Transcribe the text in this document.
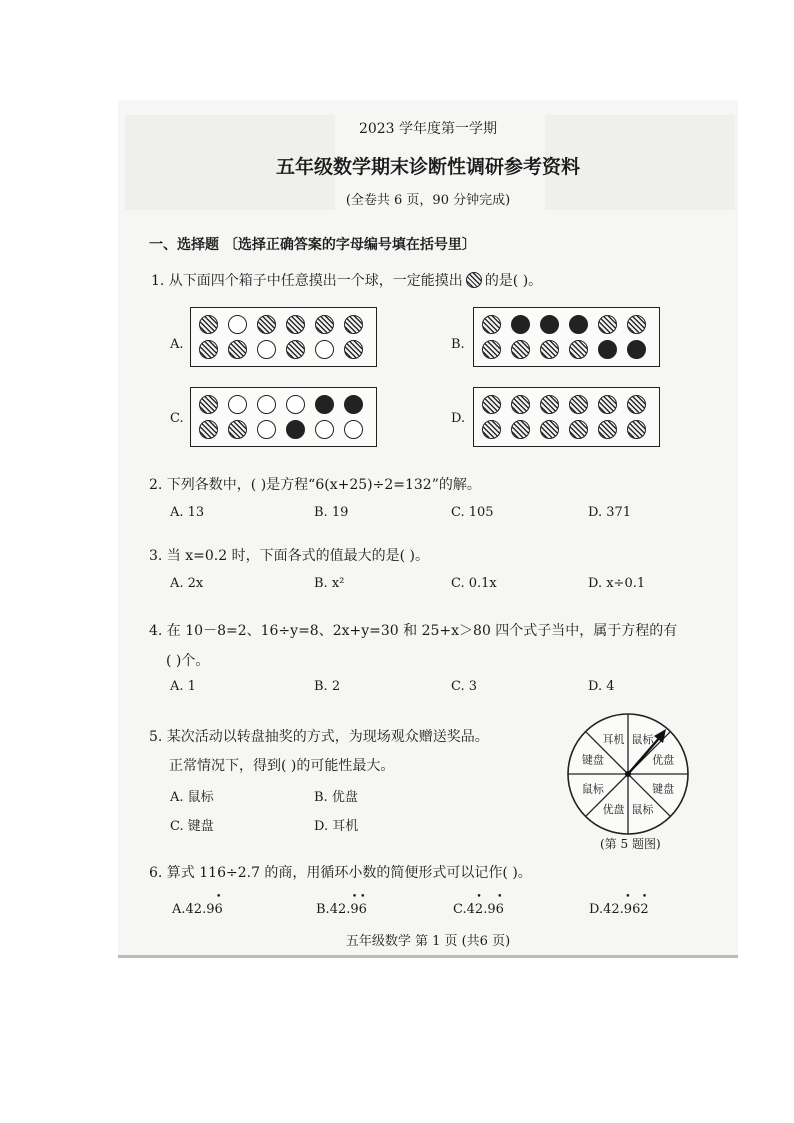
2023 学年度第一学期
五年级数学期末诊断性调研参考资料
(全卷共 6 页，90 分钟完成)
一、选择题 〔选择正确答案的字母编号填在括号里〕
1. 从下面四个箱子中任意摸出一个球，一定能摸出 的是( )。
A.	B.
C.	D.
2. 下列各数中，( )是方程“6(x+25)÷2=132”的解。
A. 13	B. 19	C. 105	D. 371
3. 当 x=0.2 时，下面各式的值最大的是( )。
A. 2x	B. x²	C. 0.1x	D. x÷0.1
4. 在 10－8=2、16÷y=8、2x+y=30 和 25+x＞80 四个式子当中，属于方程的有
( )个。
A. 1	B. 2	C. 3	D. 4
5. 某次活动以转盘抽奖的方式，为现场观众赠送奖品。
正常情况下，得到( )的可能性最大。
A. 鼠标	B. 优盘
C. 键盘	D. 耳机
鼠标
优盘
键盘
鼠标
优盘
鼠标
键盘
耳机
(第 5 题图)
6. 算式 116÷2.7 的商，用循环小数的简便形式可以记作( )。
A.42.9• 6	B.42.• 9• 6	C.4• 2.9• 6	D.42.• 96• 2
五年级数学 第 1 页 (共6 页)
